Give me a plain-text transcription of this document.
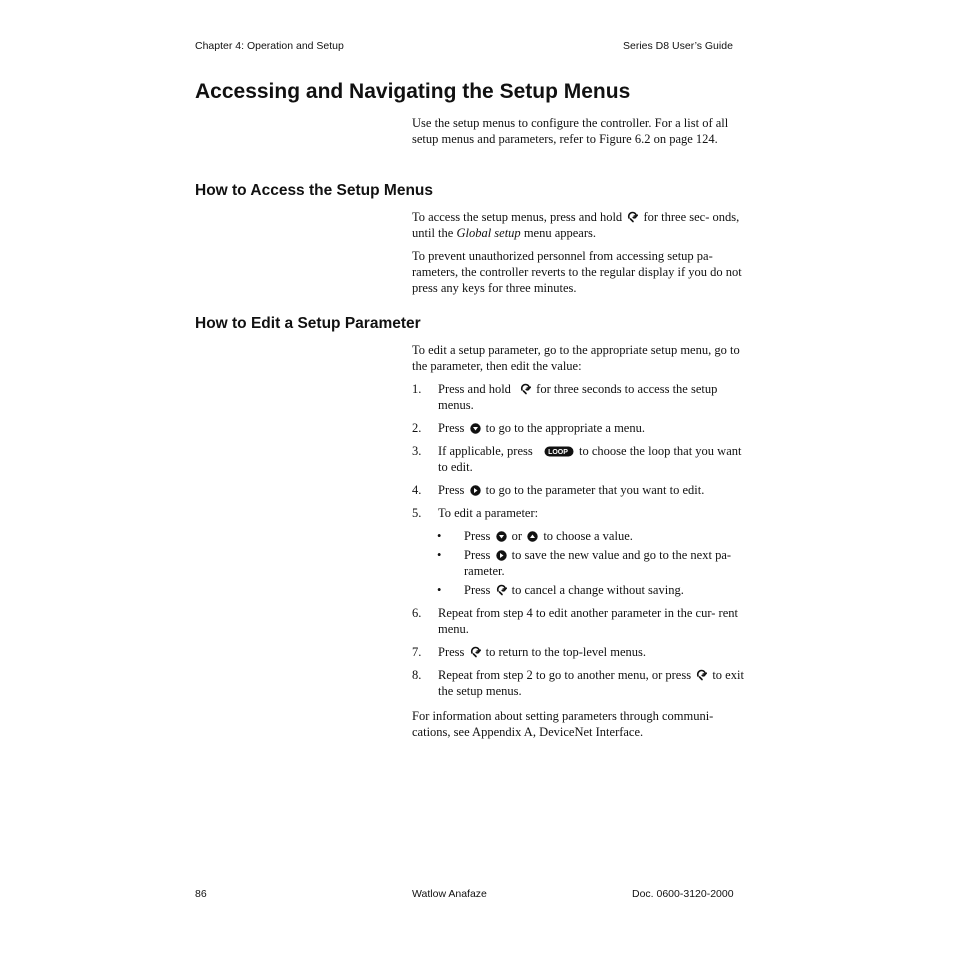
Chapter 4: Operation and Setup	Series D8 User’s Guide
Accessing and Navigating the Setup Menus

Use the setup menus to configure the controller. For a list of all setup menus and parameters, refer to Figure 6.2 on page 124.

How to Access the Setup Menus

To access the setup menus, press and hold for three sec- onds, until the Global setup menu appears.

To prevent unauthorized personnel from accessing setup pa- rameters, the controller reverts to the regular display if you do not press any keys for three minutes.

How to Edit a Setup Parameter

To edit a setup parameter, go to the appropriate setup menu, go to the parameter, then edit the value:

1. Press and hold for three seconds to access the setup menus.
2. Press to go to the appropriate a menu.
3. If applicable, press LOOP to choose the loop that you want to edit.
4. Press to go to the parameter that you want to edit.
5. To edit a parameter:
• Press or to choose a value.
• Press to save the new value and go to the next pa- rameter.
• Press to cancel a change without saving.
6. Repeat from step 4 to edit another parameter in the cur- rent menu.
7. Press to return to the top-level menus.
8. Repeat from step 2 to go to another menu, or press to exit the setup menus.

For information about setting parameters through communi- cations, see Appendix A, DeviceNet Interface.

86	Watlow Anafaze	Doc. 0600-3120-2000
